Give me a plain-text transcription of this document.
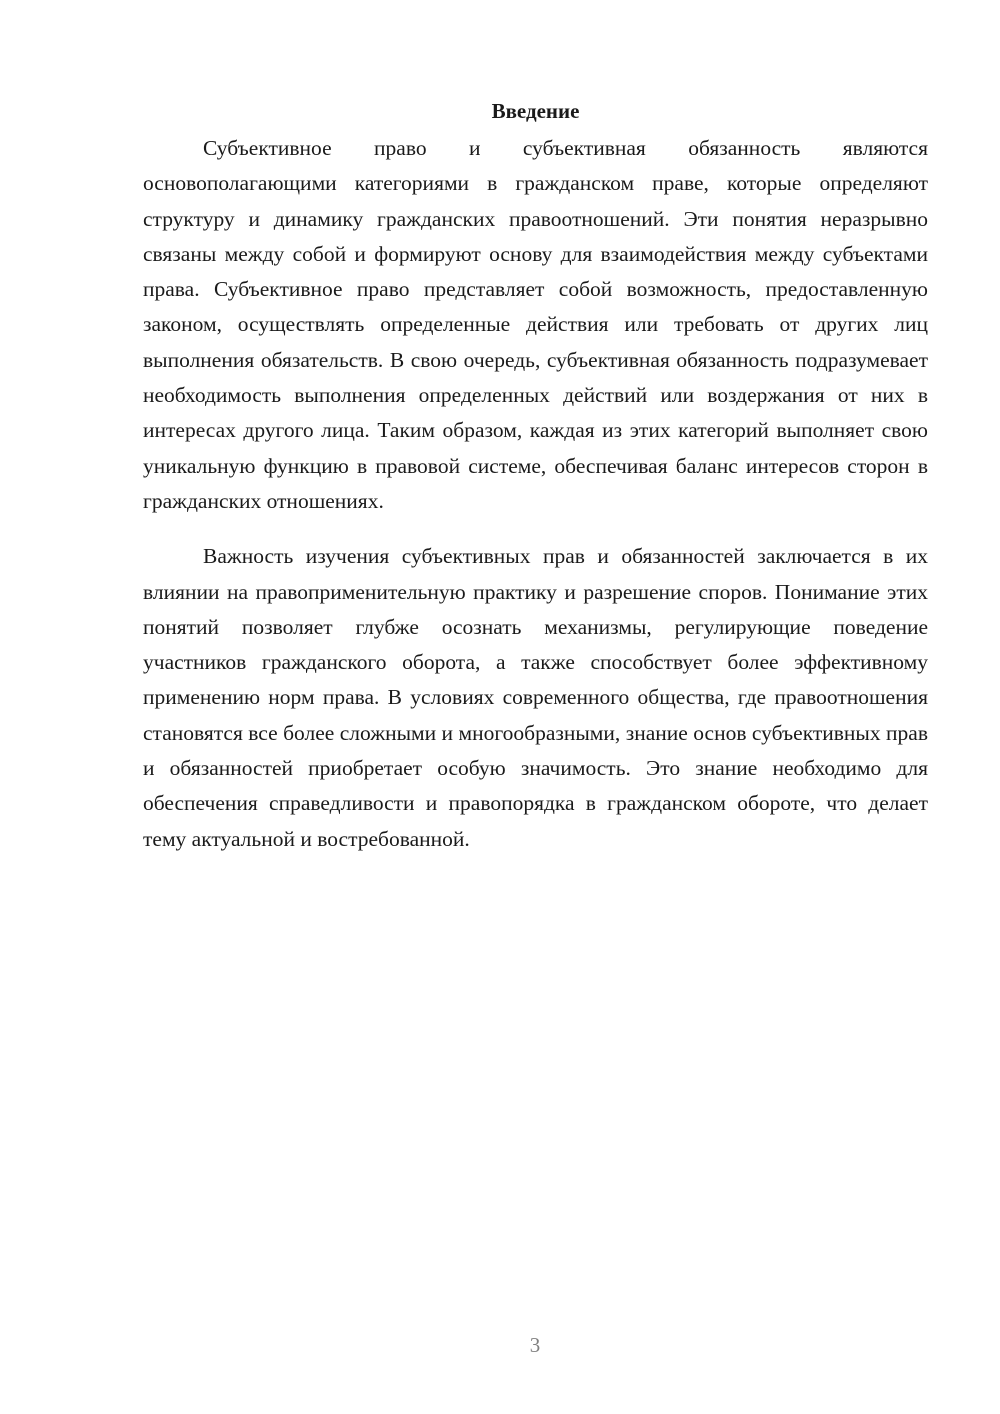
Введение

Субъективное право и субъективная обязанность являются основополагающими категориями в гражданском праве, которые определяют структуру и динамику гражданских правоотношений. Эти понятия неразрывно связаны между собой и формируют основу для взаимодействия между субъектами права. Субъективное право представляет собой возможность, предоставленную законом, осуществлять определенные действия или требовать от других лиц выполнения обязательств. В свою очередь, субъективная обязанность подразумевает необходимость выполнения определенных действий или воздержания от них в интересах другого лица. Таким образом, каждая из этих категорий выполняет свою уникальную функцию в правовой системе, обеспечивая баланс интересов сторон в гражданских отношениях.

Важность изучения субъективных прав и обязанностей заключается в их влиянии на правоприменительную практику и разрешение споров. Понимание этих понятий позволяет глубже осознать механизмы, регулирующие поведение участников гражданского оборота, а также способствует более эффективному применению норм права. В условиях современного общества, где правоотношения становятся все более сложными и многообразными, знание основ субъективных прав и обязанностей приобретает особую значимость. Это знание необходимо для обеспечения справедливости и правопорядка в гражданском обороте, что делает тему актуальной и востребованной.

3
